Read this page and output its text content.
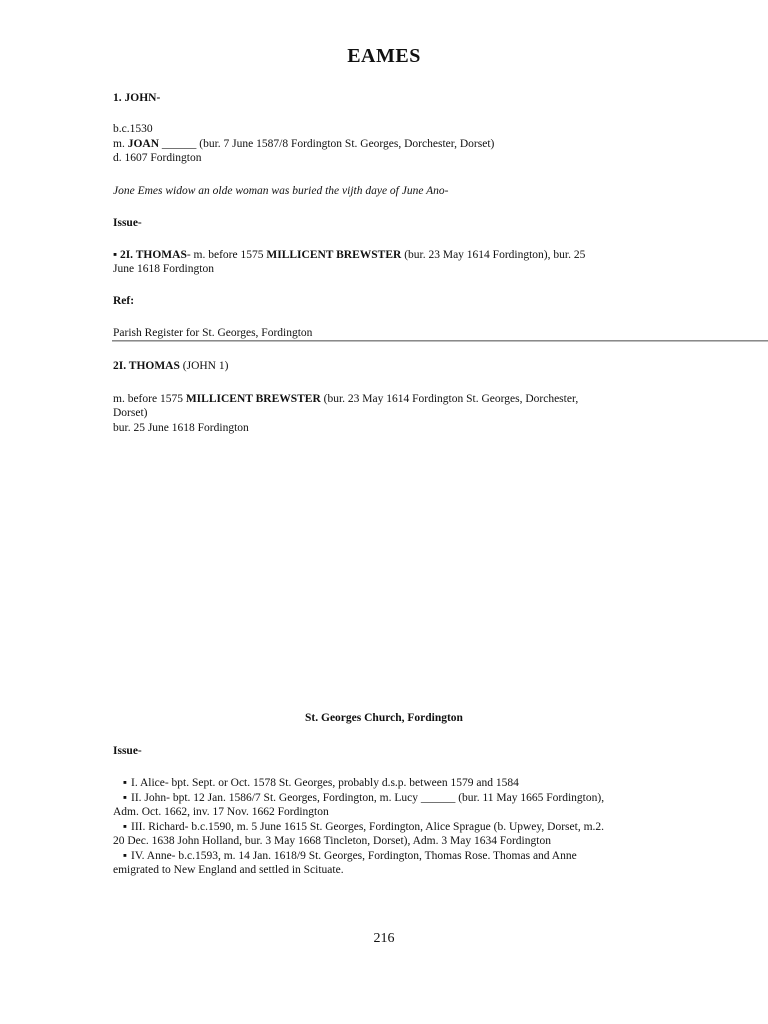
EAMES
1. JOHN-
b.c.1530
m. JOAN ______ (bur. 7 June 1587/8 Fordington St. Georges, Dorchester, Dorset)
d. 1607 Fordington
Jone Emes widow an olde woman was buried the vijth daye of June Ano-
Issue-
▪ 2I. THOMAS- m. before 1575 MILLICENT BREWSTER (bur. 23 May 1614 Fordington), bur. 25
June 1618 Fordington
Ref:
Parish Register for St. Georges, Fordington
2I. THOMAS (JOHN 1)
m. before 1575 MILLICENT BREWSTER (bur. 23 May 1614 Fordington St. Georges, Dorchester,
Dorset)
bur. 25 June 1618 Fordington
St. Georges Church, Fordington
Issue-
▪ I. Alice- bpt. Sept. or Oct. 1578 St. Georges, probably d.s.p. between 1579 and 1584
▪ II. John- bpt. 12 Jan. 1586/7 St. Georges, Fordington, m. Lucy ______ (bur. 11 May 1665 Fordington),
Adm. Oct. 1662, inv. 17 Nov. 1662 Fordington
▪ III. Richard- b.c.1590, m. 5 June 1615 St. Georges, Fordington, Alice Sprague (b. Upwey, Dorset, m.2.
20 Dec. 1638 John Holland, bur. 3 May 1668 Tincleton, Dorset), Adm. 3 May 1634 Fordington
▪ IV. Anne- b.c.1593, m. 14 Jan. 1618/9 St. Georges, Fordington, Thomas Rose. Thomas and Anne
emigrated to New England and settled in Scituate.
216
